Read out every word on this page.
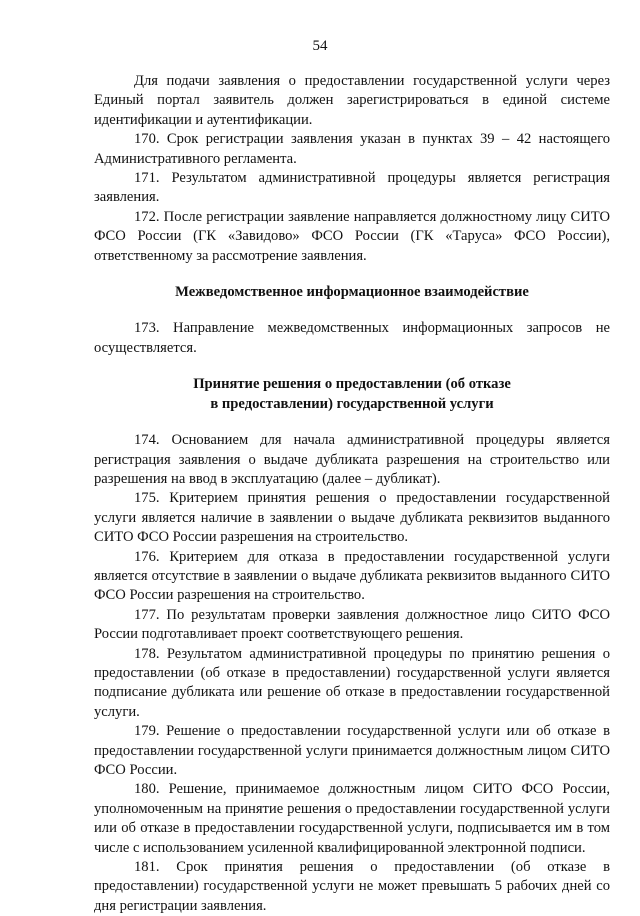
54

Для подачи заявления о предоставлении государственной услуги через Единый портал заявитель должен зарегистрироваться в единой системе идентификации и аутентификации.

170. Срок регистрации заявления указан в пунктах 39 – 42 настоящего Административного регламента.

171. Результатом административной процедуры является регистрация заявления.

172. После регистрации заявление направляется должностному лицу СИТО ФСО России (ГК «Завидово» ФСО России (ГК «Таруса» ФСО России), ответственному за рассмотрение заявления.

Межведомственное информационное взаимодействие

173. Направление межведомственных информационных запросов не осуществляется.

Принятие решения о предоставлении (об отказе

в предоставлении) государственной услуги

174. Основанием для начала административной процедуры является регистрация заявления о выдаче дубликата разрешения на строительство или разрешения на ввод в эксплуатацию (далее – дубликат).

175. Критерием принятия решения о предоставлении государственной услуги является наличие в заявлении о выдаче дубликата реквизитов выданного СИТО ФСО России разрешения на строительство.

176. Критерием для отказа в предоставлении государственной услуги является отсутствие в заявлении о выдаче дубликата реквизитов выданного СИТО ФСО России разрешения на строительство.

177. По результатам проверки заявления должностное лицо СИТО ФСО России подготавливает проект соответствующего решения.

178. Результатом административной процедуры по принятию решения о предоставлении (об отказе в предоставлении) государственной услуги является подписание дубликата или решение об отказе в предоставлении государственной услуги.

179. Решение о предоставлении государственной услуги или об отказе в предоставлении государственной услуги принимается должностным лицом СИТО ФСО России.

180. Решение, принимаемое должностным лицом СИТО ФСО России, уполномоченным на принятие решения о предоставлении государственной услуги или об отказе в предоставлении государственной услуги, подписывается им в том числе с использованием усиленной квалифицированной электронной подписи.

181. Срок принятия решения о предоставлении (об отказе в предоставлении) государственной услуги не может превышать 5 рабочих дней со дня регистрации заявления.
